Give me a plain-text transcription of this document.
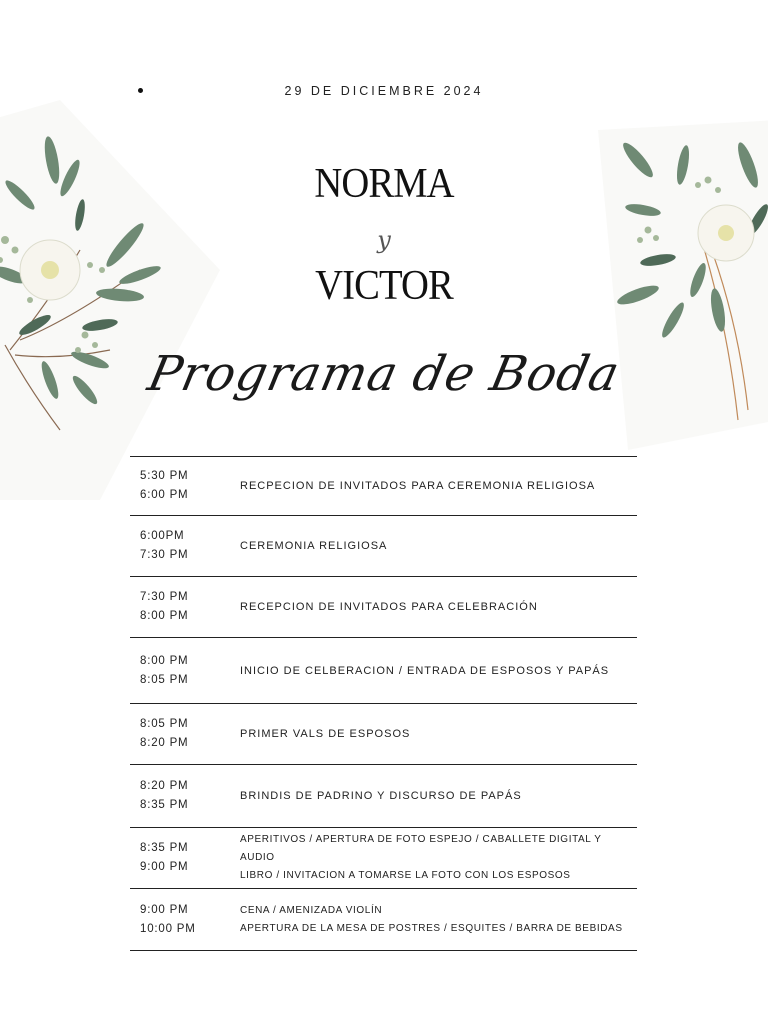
29 DE DICIEMBRE 2024
NORMA
y
VICTOR
Programa de Boda
5:30 PM
6:00 PM
RECPECION DE INVITADOS PARA CEREMONIA RELIGIOSA
6:00PM
7:30 PM
CEREMONIA RELIGIOSA
7:30 PM
8:00 PM
RECEPCION DE INVITADOS PARA CELEBRACIÓN
8:00 PM
8:05 PM
INICIO DE CELBERACION / ENTRADA DE ESPOSOS Y PAPÁS
8:05 PM
8:20 PM
PRIMER VALS DE ESPOSOS
8:20 PM
8:35 PM
BRINDIS DE PADRINO Y DISCURSO DE PAPÁS
8:35 PM
9:00 PM
APERITIVOS / APERTURA DE FOTO ESPEJO / CABALLETE DIGITAL Y AUDIO
LIBRO / INVITACION A TOMARSE LA FOTO CON LOS ESPOSOS
9:00 PM
10:00 PM
CENA / AMENIZADA VIOLÍN
APERTURA DE LA MESA DE POSTRES / ESQUITES / BARRA DE BEBIDAS
